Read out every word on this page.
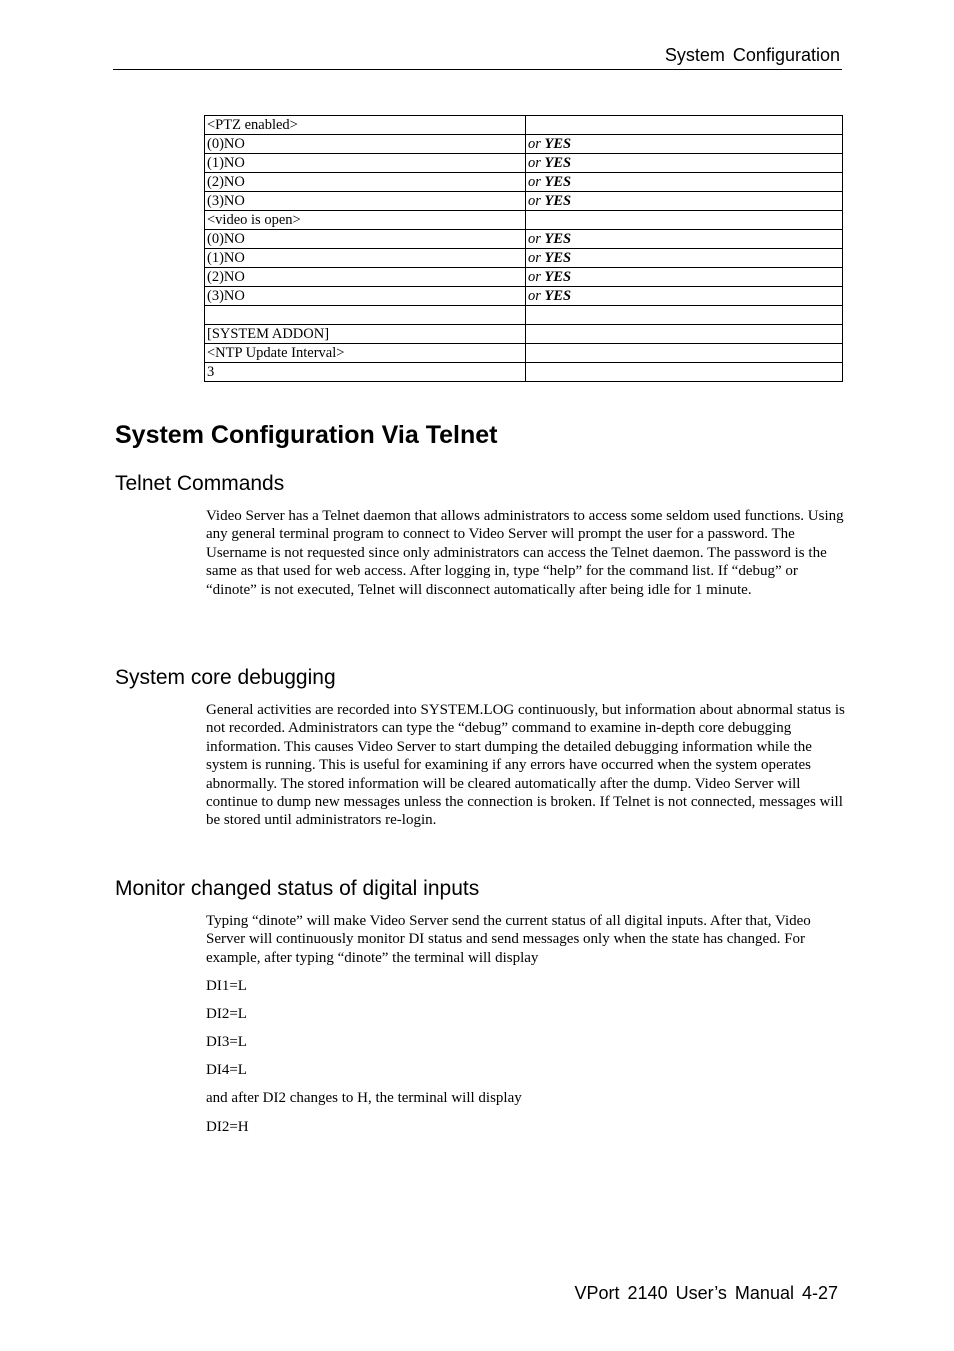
System Configuration
<PTZ enabled>	
(0)NO	or YES
(1)NO	or YES
(2)NO	or YES
(3)NO	or YES
<video is open>	
(0)NO	or YES
(1)NO	or YES
(2)NO	or YES
(3)NO	or YES

[SYSTEM ADDON]	
<NTP Update Interval>	
3	
System Configuration Via Telnet
Telnet Commands

Video Server has a Telnet daemon that allows administrators to access some seldom used functions. Using any general terminal program to connect to Video Server will prompt the user for a password. The Username is not requested since only administrators can access the Telnet daemon. The password is the same as that used for web access. After logging in, type “help” for the command list. If “debug” or “dinote” is not executed, Telnet will disconnect automatically after being idle for 1 minute.

System core debugging

General activities are recorded into SYSTEM.LOG continuously, but information about abnormal status is not recorded. Administrators can type the “debug” command to examine in-depth core debugging information. This causes Video Server to start dumping the detailed debugging information while the system is running. This is useful for examining if any errors have occurred when the system operates abnormally. The stored information will be cleared automatically after the dump. Video Server will continue to dump new messages unless the connection is broken. If Telnet is not connected, messages will be stored until administrators re-login.

Monitor changed status of digital inputs

Typing “dinote” will make Video Server send the current status of all digital inputs. After that, Video Server will continuously monitor DI status and send messages only when the state has changed. For example, after typing “dinote” the terminal will display

DI1=L
DI2=L
DI3=L
DI4=L
and after DI2 changes to H, the terminal will display
DI2=H
VPort 2140 User’s Manual 4-27
